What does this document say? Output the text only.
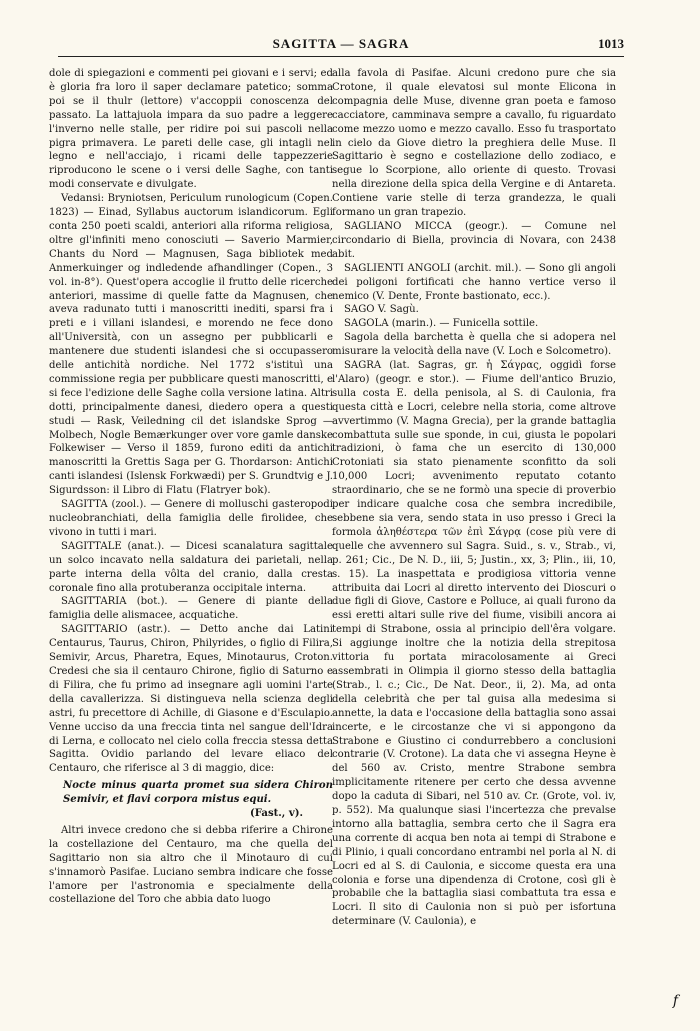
SAGITTA — SAGRA	1013

dole di spiegazioni e commenti pei giovani e i servi; ed è gloria fra loro il saper declamare patetico; somma poi se il thulr (lettore) v'accoppii conoscenza del passato. La lattajuola impara da suo padre a leggere l'inverno nelle stalle, per ridire poi sui pascoli nella pigra primavera. Le pareti delle case, gli intagli nel legno e nell'acciajo, i ricami delle tappezzerie riproducono le scene o i versi delle Saghe, con tanti modi conservate e divulgate.

Vedansi: Bryniotsen, Periculum runologicum (Copen. 1823) — Einad, Syllabus auctorum islandicorum. Egli conta 250 poeti scaldi, anteriori alla riforma religiosa, oltre gl'infiniti meno conosciuti — Saverio Marmier, Chants du Nord — Magnusen, Saga bibliotek med Anmerkuinger og indledende afhandlinger (Copen., 3 vol. in-8°). Quest'opera accoglie il frutto delle ricerche anteriori, massime di quelle fatte da Magnusen, che aveva radunato tutti i manoscritti inediti, sparsi fra i preti e i villani islandesi, e morendo ne fece dono all'Università, con un assegno per pubblicarli e mantenere due studenti islandesi che si occupassero delle antichità nordiche. Nel 1772 s'istituì una commissione regia per pubblicare questi manoscritti, e si fece l'edizione delle Saghe colla versione latina. Altri dotti, principalmente danesi, diedero opera a questi studi — Rask, Veiledning cil det islandske Sprog — Molbech, Nogle Bemærkunger over vore gamle danske Folkewiser — Verso il 1859, furono editi da antichi manoscritti la Grettis Saga per G. Thordarson: Antichi canti islandesi (Islensk Forkwædi) per S. Grundtvig e J. Sigurdsson: il Libro di Flatu (Flatryer bok).

SAGITTA (zool.). — Genere di molluschi gasteropodi nucleobranchiati, della famiglia delle firolidee, che vivono in tutti i mari.

SAGITTALE (anat.). — Dicesi scanalatura sagittale un solco incavato nella saldatura dei parietali, nella parte interna della vôlta del cranio, dalla cresta coronale fino alla protuberanza occipitale interna.

SAGITTARIA (bot.). — Genere di piante della famiglia delle alismacee, acquatiche.

SAGITTARIO (astr.). — Detto anche dai Latini Centaurus, Taurus, Chiron, Philyrides, o figlio di Filira, Semivir, Arcus, Pharetra, Eques, Minotaurus, Croton. Credesi che sia il centauro Chirone, figlio di Saturno e di Filira, che fu primo ad insegnare agli uomini l'arte della cavallerizza. Si distingueva nella scienza degli astri, fu precettore di Achille, di Giasone e d'Esculapio. Venne ucciso da una freccia tinta nel sangue dell'Idra di Lerna, e collocato nel cielo colla freccia stessa detta Sagitta. Ovidio parlando del levare eliaco del Centauro, che riferisce al 3 di maggio, dice:

Nocte minus quarta promet sua sidera Chiron Semivir, et flavi corpora mistus equi.
(Fast., v).

Altri invece credono che si debba riferire a Chirone la costellazione del Centauro, ma che quella del Sagittario non sia altro che il Minotauro di cui s'innamorò Pasifae. Luciano sembra indicare che fosse l'amore per l'astronomia e specialmente della costellazione del Toro che abbia dato luogo

alla favola di Pasifae. Alcuni credono pure che sia Crotone, il quale elevatosi sul monte Elicona in compagnia delle Muse, divenne gran poeta e famoso cacciatore, camminava sempre a cavallo, fu riguardato come mezzo uomo e mezzo cavallo. Esso fu trasportato in cielo da Giove dietro la preghiera delle Muse. Il Sagittario è segno e costellazione dello zodiaco, e segue lo Scorpione, allo oriente di questo. Trovasi nella direzione della spica della Vergine e di Antareta. Contiene varie stelle di terza grandezza, le quali formano un gran trapezio.

SAGLIANO MICCA (geogr.). — Comune nel circondario di Biella, provincia di Novara, con 2438 abit.

SAGLIENTI ANGOLI (archit. mil.). — Sono gli angoli dei poligoni fortificati che hanno vertice verso il nemico (V. Dente, Fronte bastionato, ecc.).

SAGO V. Sagù.

SAGOLA (marin.). — Funicella sottile.

Sagola della barchetta è quella che si adopera nel misurare la velocità della nave (V. Loch e Solcometro).

SAGRA (lat. Sagras, gr. ἡ Σάγρας, oggidì forse l'Alaro) (geogr. e stor.). — Fiume dell'antico Bruzio, sulla costa E. della penisola, al S. di Caulonia, fra questa città e Locri, celebre nella storia, come altrove avvertimmo (V. Magna Grecia), per la grande battaglia combattuta sulle sue sponde, in cui, giusta le popolari tradizioni, ò fama che un esercito di 130,000 Crotoniati sia stato pienamente sconfitto da soli 10,000 Locri; avvenimento reputato cotanto straordinario, che se ne formò una specie di proverbio per indicare qualche cosa che sembra incredibile, sebbene sia vera, sendo stata in uso presso i Greci la formola ἀληθέστερα τῶν ἐπὶ Σάγρᾳ (cose più vere di quelle che avvennero sul Sagra. Suid., s. v., Strab., vi, p. 261; Cic., De N. D., iii, 5; Justin., xx, 3; Plin., iii, 10, s. 15). La inaspettata e prodigiosa vittoria venne attribuita dai Locri al diretto intervento dei Dioscuri o due figli di Giove, Castore e Polluce, ai quali furono da essi eretti altari sulle rive del fiume, visibili ancora ai tempi di Strabone, ossia al principio dell'êra volgare. Si aggiunge inoltre che la notizia della strepitosa vittoria fu portata miracolosamente ai Greci assembrati in Olimpia il giorno stesso della battaglia (Strab., l. c.; Cic., De Nat. Deor., ii, 2). Ma, ad onta della celebrità che per tal guisa alla medesima si annette, la data e l'occasione della battaglia sono assai incerte, e le circostanze che vi si appongono da Strabone e Giustino ci condurrebbero a conclusioni contrarie (V. Crotone). La data che vi assegna Heyne è del 560 av. Cristo, mentre Strabone sembra implicitamente ritenere per certo che dessa avvenne dopo la caduta di Sibari, nel 510 av. Cr. (Grote, vol. iv, p. 552). Ma qualunque siasi l'incertezza che prevalse intorno alla battaglia, sembra certo che il Sagra era una corrente di acqua ben nota ai tempi di Strabone e di Plinio, i quali concordano entrambi nel porla al N. di Locri ed al S. di Caulonia, e siccome questa era una colonia e forse una dipendenza di Crotone, così gli è probabile che la battaglia siasi combattuta tra essa e Locri. Il sito di Caulonia non si può per isfortuna determinare (V. Caulonia), e

f
